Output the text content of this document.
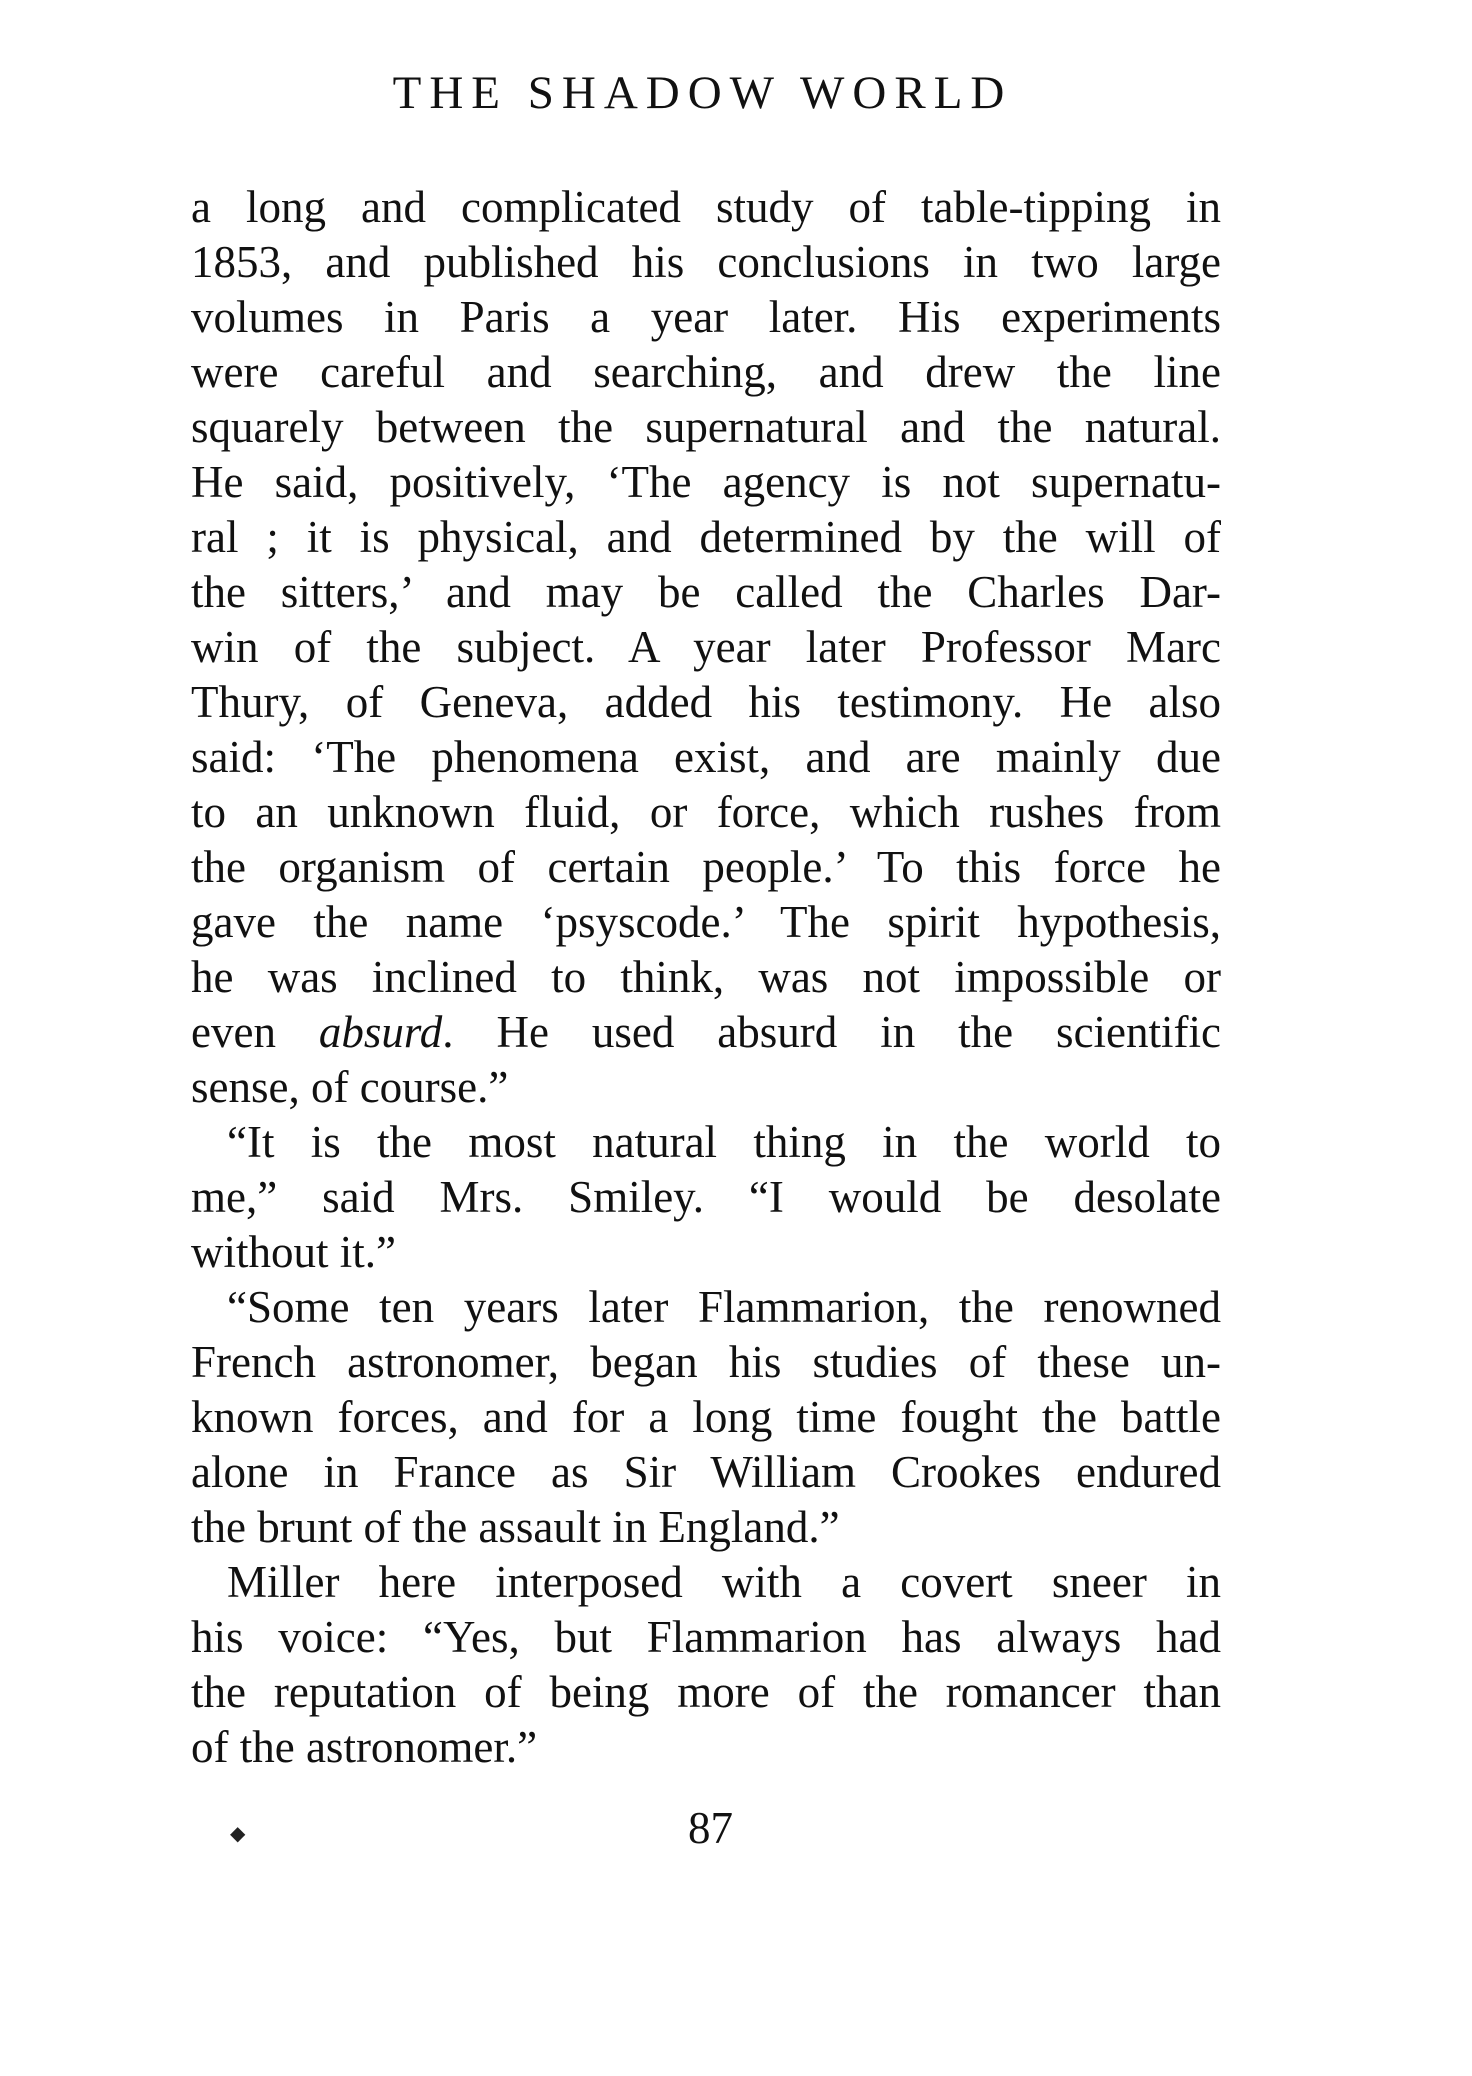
THE SHADOW WORLD
a long and complicated study of table-tipping in
1853, and published his conclusions in two large
volumes in Paris a year later. His experiments
were careful and searching, and drew the line
squarely between the supernatural and the natural.
He said, positively, ‘The agency is not supernatu-
ral ; it is physical, and determined by the will of
the sitters,’ and may be called the Charles Dar-
win of the subject. A year later Professor Marc
Thury, of Geneva, added his testimony. He also
said: ‘The phenomena exist, and are mainly due
to an unknown fluid, or force, which rushes from
the organism of certain people.’ To this force he
gave the name ‘psyscode.’ The spirit hypothesis,
he was inclined to think, was not impossible or
even absurd. He used absurd in the scientific
sense, of course.”
“It is the most natural thing in the world to
me,” said Mrs. Smiley. “I would be desolate
without it.”
“Some ten years later Flammarion, the renowned
French astronomer, began his studies of these un-
known forces, and for a long time fought the battle
alone in France as Sir William Crookes endured
the brunt of the assault in England.”
Miller here interposed with a covert sneer in
his voice: “Yes, but Flammarion has always had
the reputation of being more of the romancer than
of the astronomer.”
◆	87
